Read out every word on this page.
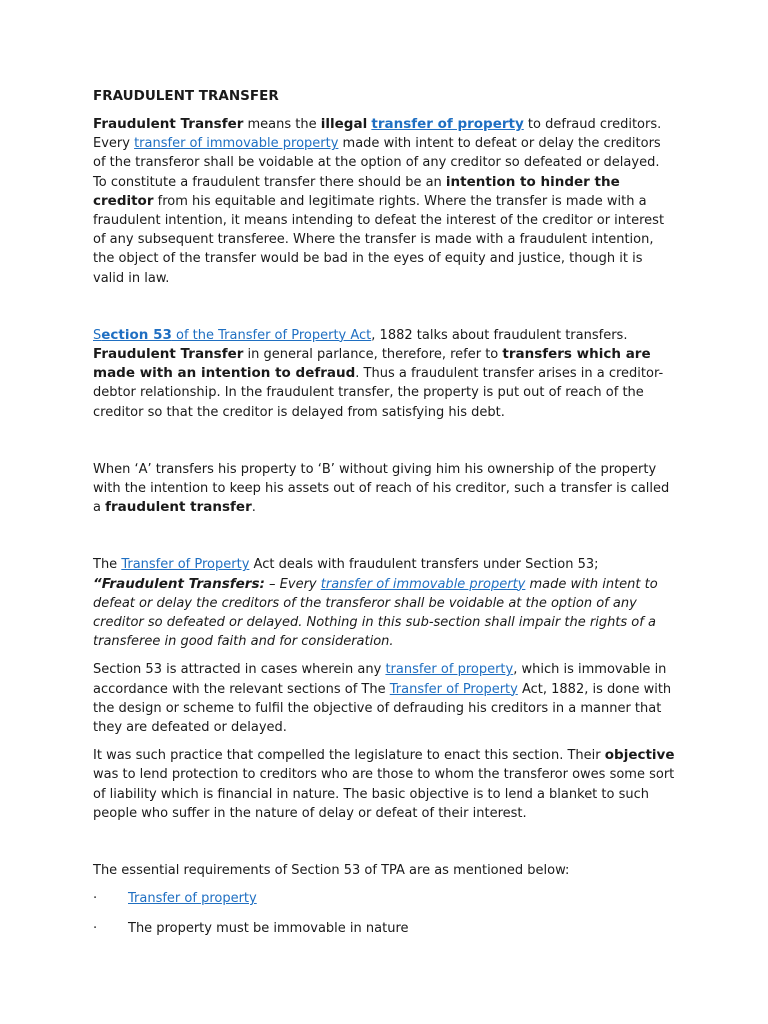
FRAUDULENT TRANSFER

Fraudulent Transfer means the illegal transfer of property to defraud creditors.
Every transfer of immovable property made with intent to defeat or delay the creditors of the transferor shall be voidable at the option of any creditor so defeated or delayed. To constitute a fraudulent transfer there should be an intention to hinder the creditor from his equitable and legitimate rights. Where the transfer is made with a fraudulent intention, it means intending to defeat the interest of the creditor or interest of any subsequent transferee. Where the transfer is made with a fraudulent intention, the object of the transfer would be bad in the eyes of equity and justice, though it is valid in law.

Section 53 of the Transfer of Property Act, 1882 talks about fraudulent transfers. Fraudulent Transfer in general parlance, therefore, refer to transfers which are made with an intention to defraud. Thus a fraudulent transfer arises in a creditor-debtor relationship. In the fraudulent transfer, the property is put out of reach of the creditor so that the creditor is delayed from satisfying his debt.

When ‘A’ transfers his property to ‘B’ without giving him his ownership of the property with the intention to keep his assets out of reach of his creditor, such a transfer is called a fraudulent transfer.

The Transfer of Property Act deals with fraudulent transfers under Section 53; “Fraudulent Transfers: – Every transfer of immovable property made with intent to defeat or delay the creditors of the transferor shall be voidable at the option of any creditor so defeated or delayed. Nothing in this sub-section shall impair the rights of a transferee in good faith and for consideration.

Section 53 is attracted in cases wherein any transfer of property, which is immovable in accordance with the relevant sections of The Transfer of Property Act, 1882, is done with the design or scheme to fulfil the objective of defrauding his creditors in a manner that they are defeated or delayed.

It was such practice that compelled the legislature to enact this section. Their objective was to lend protection to creditors who are those to whom the transferor owes some sort of liability which is financial in nature. The basic objective is to lend a blanket to such people who suffer in the nature of delay or defeat of their interest.

The essential requirements of Section 53 of TPA are as mentioned below:

· Transfer of property
· The property must be immovable in nature
